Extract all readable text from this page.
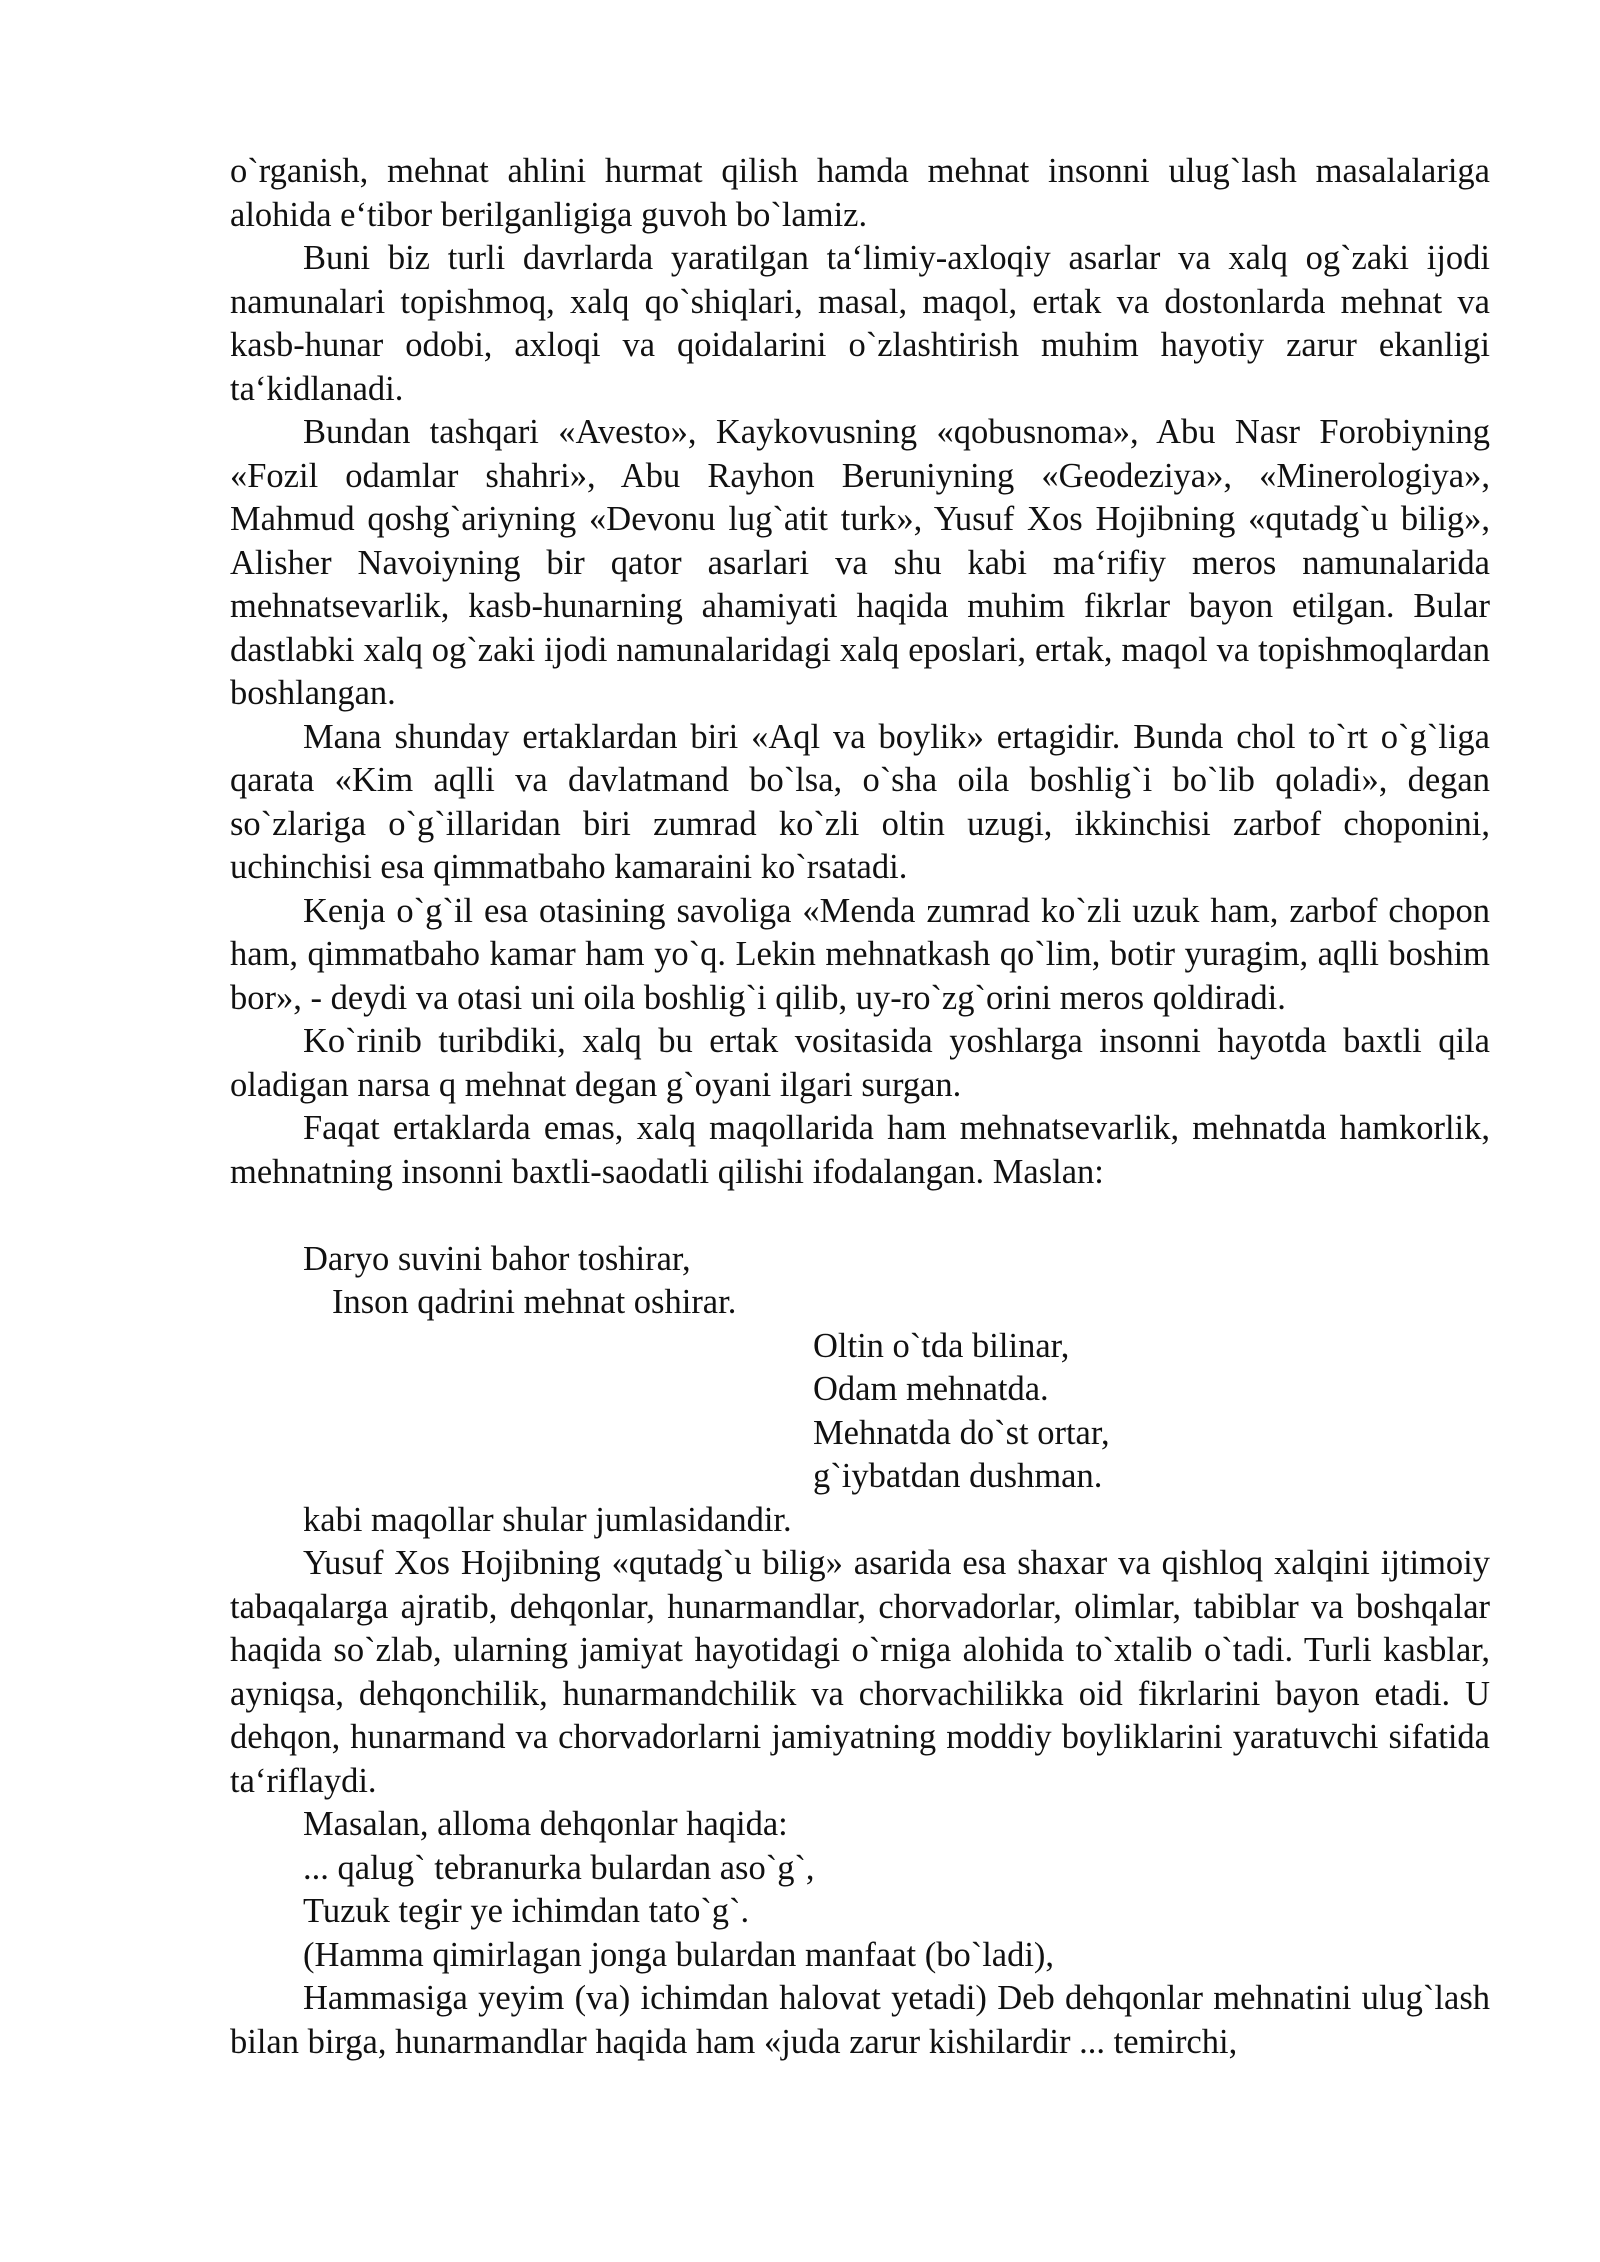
o`rganish, mehnat ahlini hurmat qilish hamda mehnat insonni ulug`lash masalalariga alohida e‘tibor berilganligiga guvoh bo`lamiz.

Buni biz turli davrlarda yaratilgan ta‘limiy-axloqiy asarlar va xalq og`zaki ijodi namunalari topishmoq, xalq qo`shiqlari, masal, maqol, ertak va dostonlarda mehnat va kasb-hunar odobi, axloqi va qoidalarini o`zlashtirish muhim hayotiy zarur ekanligi ta‘kidlanadi.

Bundan tashqari «Avesto», Kaykovusning «qobusnoma», Abu Nasr Forobiyning «Fozil odamlar shahri», Abu Rayhon Beruniyning «Geodeziya», «Minerologiya», Mahmud qoshg`ariyning «Devonu lug`atit turk», Yusuf Xos Hojibning «qutadg`u bilig», Alisher Navoiyning bir qator asarlari va shu kabi ma‘rifiy meros namunalarida mehnatsevarlik, kasb-hunarning ahamiyati haqida muhim fikrlar bayon etilgan. Bular dastlabki xalq og`zaki ijodi namunalaridagi xalq eposlari, ertak, maqol va topishmoqlardan boshlangan.

Mana shunday ertaklardan biri «Aql va boylik» ertagidir. Bunda chol to`rt o`g`liga qarata «Kim aqlli va davlatmand bo`lsa, o`sha oila boshlig`i bo`lib qoladi», degan so`zlariga o`g`illaridan biri zumrad ko`zli oltin uzugi, ikkinchisi zarbof choponini, uchinchisi esa qimmatbaho kamaraini ko`rsatadi.

Kenja o`g`il esa otasining savoliga «Menda zumrad ko`zli uzuk ham, zarbof chopon ham, qimmatbaho kamar ham yo`q. Lekin mehnatkash qo`lim, botir yuragim, aqlli boshim bor», - deydi va otasi uni oila boshlig`i qilib, uy-ro`zg`orini meros qoldiradi.

Ko`rinib turibdiki, xalq bu ertak vositasida yoshlarga insonni hayotda baxtli qila oladigan narsa q mehnat degan g`oyani ilgari surgan.

Faqat ertaklarda emas, xalq maqollarida ham mehnatsevarlik, mehnatda hamkorlik, mehnatning insonni baxtli-saodatli qilishi ifodalangan. Maslan:

Daryo suvini bahor toshirar,

Inson qadrini mehnat oshirar.

Oltin o`tda bilinar,

Odam mehnatda.

Mehnatda do`st ortar,

g`iybatdan dushman.

kabi maqollar shular jumlasidandir.

Yusuf Xos Hojibning «qutadg`u bilig» asarida esa shaxar va qishloq xalqini ijtimoiy tabaqalarga ajratib, dehqonlar, hunarmandlar, chorvadorlar, olimlar, tabiblar va boshqalar haqida so`zlab, ularning jamiyat hayotidagi o`rniga alohida to`xtalib o`tadi. Turli kasblar, ayniqsa, dehqonchilik, hunarmandchilik va chorvachilikka oid fikrlarini bayon etadi. U dehqon, hunarmand va chorvadorlarni jamiyatning moddiy boyliklarini yaratuvchi sifatida ta‘riflaydi.

Masalan, alloma dehqonlar haqida:

... qalug` tebranurka bulardan aso`g`,

Tuzuk tegir ye ichimdan tato`g`.

(Hamma qimirlagan jonga bulardan manfaat (bo`ladi),

Hammasiga yeyim (va) ichimdan halovat yetadi) Deb dehqonlar mehnatini ulug`lash bilan birga, hunarmandlar haqida ham «juda zarur kishilardir ... temirchi,
